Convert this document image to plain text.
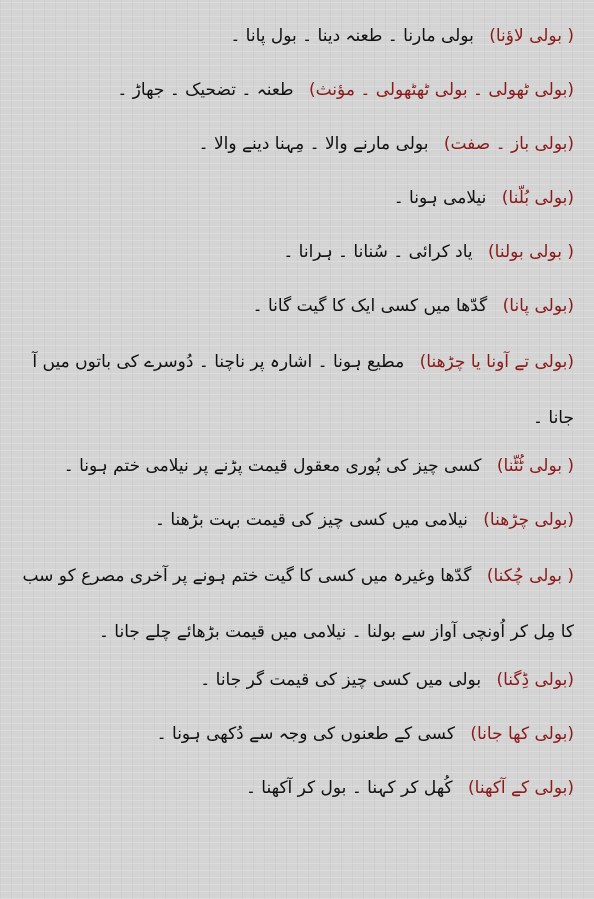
( بولی لاؤنا) بولی مارنا ۔ طعنہ دینا ۔ بول پانا ۔

(بولی ٹھولی ۔ بولی ٹھٹھولی ۔ مؤنث) طعنہ ۔ تضحیک ۔ جھاڑ ۔

(بولی باز ۔ صفت) بولی مارنے والا ۔ مِہنا دینے والا ۔

(بولی بُلّنا) نیلامی ہونا ۔

( بولی بولنا) یاد کرائی ۔ سُنانا ۔ ہرانا ۔

(بولی پانا) گدّھا میں کسی ایک کا گیت گانا ۔

(بولی تے آونا یا چڑھنا) مطیع ہونا ۔ اشارہ پر ناچنا ۔ دُوسرے کی باتوں میں آ جانا ۔

( بولی ٹُٹّنا) کسی چیز کی پُوری معقول قیمت پڑنے پر نیلامی ختم ہونا ۔

(بولی چڑھنا) نیلامی میں کسی چیز کی قیمت بہت بڑھنا ۔

( بولی چُکنا) گدّھا وغیرہ میں کسی کا گیت ختم ہونے پر آخری مصرع کو سب کا مِل کر اُونچی آواز سے بولنا ۔ نیلامی میں قیمت بڑھائے چلے جانا ۔

(بولی ڈِگنا) بولی میں کسی چیز کی قیمت گر جانا ۔

(بولی کھا جانا) کسی کے طعنوں کی وجہ سے دُکھی ہونا ۔

(بولی کے آکھنا) کُھل کر کہنا ۔ بول کر آکھنا ۔
